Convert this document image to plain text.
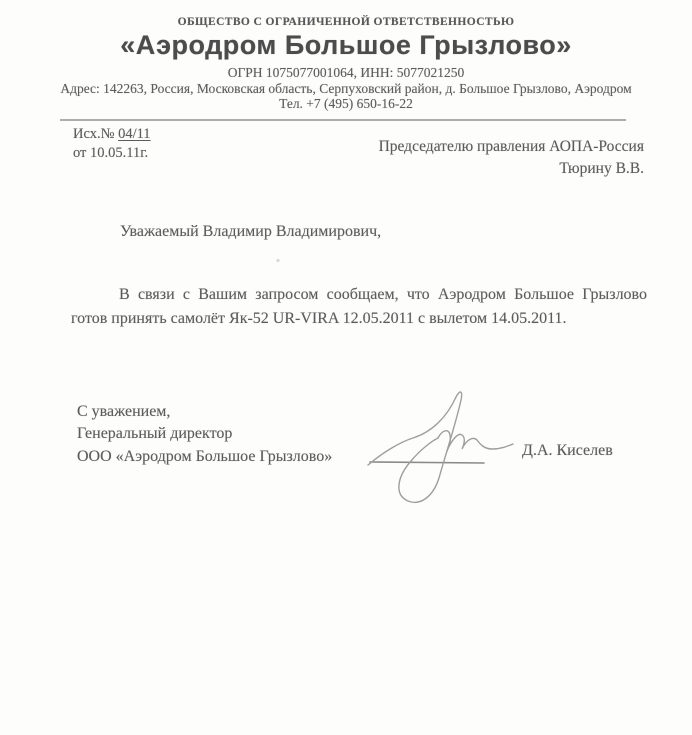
ОБЩЕСТВО С ОГРАНИЧЕННОЙ ОТВЕТСТВЕННОСТЬЮ
«Аэродром Большое Грызлово»
ОГРН 1075077001064, ИНН: 5077021250
Адрес: 142263, Россия, Московская область, Серпуховский район, д. Большое Грызлово, Аэродром
Тел. +7 (495) 650-16-22
Исх.№ 04/11
от 10.05.11г.	Председателю правления АОПА-Россия
Тюрину В.В.
Уважаемый Владимир Владимирович,
В связи с Вашим запросом сообщаем, что Аэродром Большое Грызлово готов принять самолёт Як-52 UR-VIRA 12.05.2011 с вылетом 14.05.2011.
С уважением,
Генеральный директор
ООО «Аэродром Большое Грызлово»	Д.А. Киселев
